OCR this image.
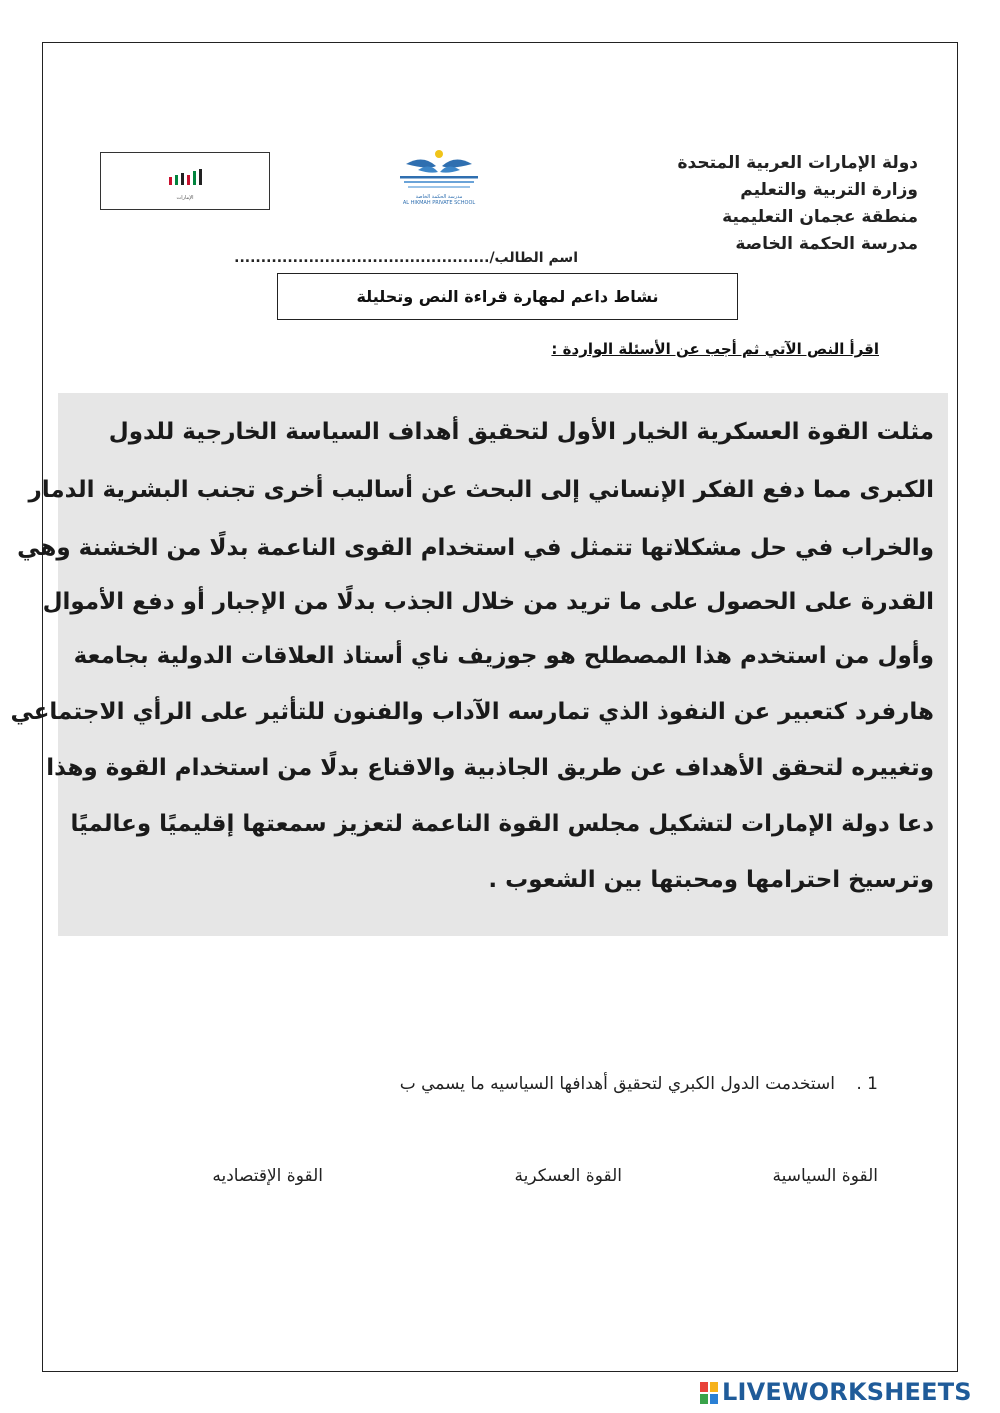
دولة الإمارات العربية المتحدة
وزارة التربية والتعليم
منطقة عجمان التعليمية
مدرسة الحكمة الخاصة
مدرسة الحكمة الخاصة
AL HIKMAH PRIVATE SCHOOL
الإمارات
اسم الطالب/................................................
نشاط داعم لمهارة قراءة النص وتحليلة
اقرأ النص الآتي ثم أجب عن الأسئلة الواردة :
مثلت القوة العسكرية الخيار الأول لتحقيق أهداف السياسة الخارجية للدول
الكبرى مما دفع الفكر الإنساني إلى البحث عن أساليب أخرى تجنب البشرية الدمار
والخراب في حل مشكلاتها تتمثل في استخدام القوى الناعمة بدلًا من الخشنة وهي
القدرة على الحصول على ما تريد من خلال الجذب بدلًا من الإجبار أو دفع الأموال
وأول من استخدم هذا المصطلح هو جوزيف ناي أستاذ العلاقات الدولية بجامعة
هارفرد كتعبير عن النفوذ الذي تمارسه الآداب والفنون للتأثير على الرأي الاجتماعي
وتغييره لتحقق الأهداف عن طريق الجاذبية والاقناع بدلًا من استخدام القوة وهذا
دعا دولة الإمارات لتشكيل مجلس القوة الناعمة لتعزيز سمعتها إقليميًا وعالميًا
وترسيخ احترامها ومحبتها بين الشعوب .
1 . استخدمت الدول الكبري لتحقيق أهدافها السياسيه ما يسمي ب
القوة السياسية
القوة العسكرية
القوة الإقتصاديه
LIVEWORKSHEETS
